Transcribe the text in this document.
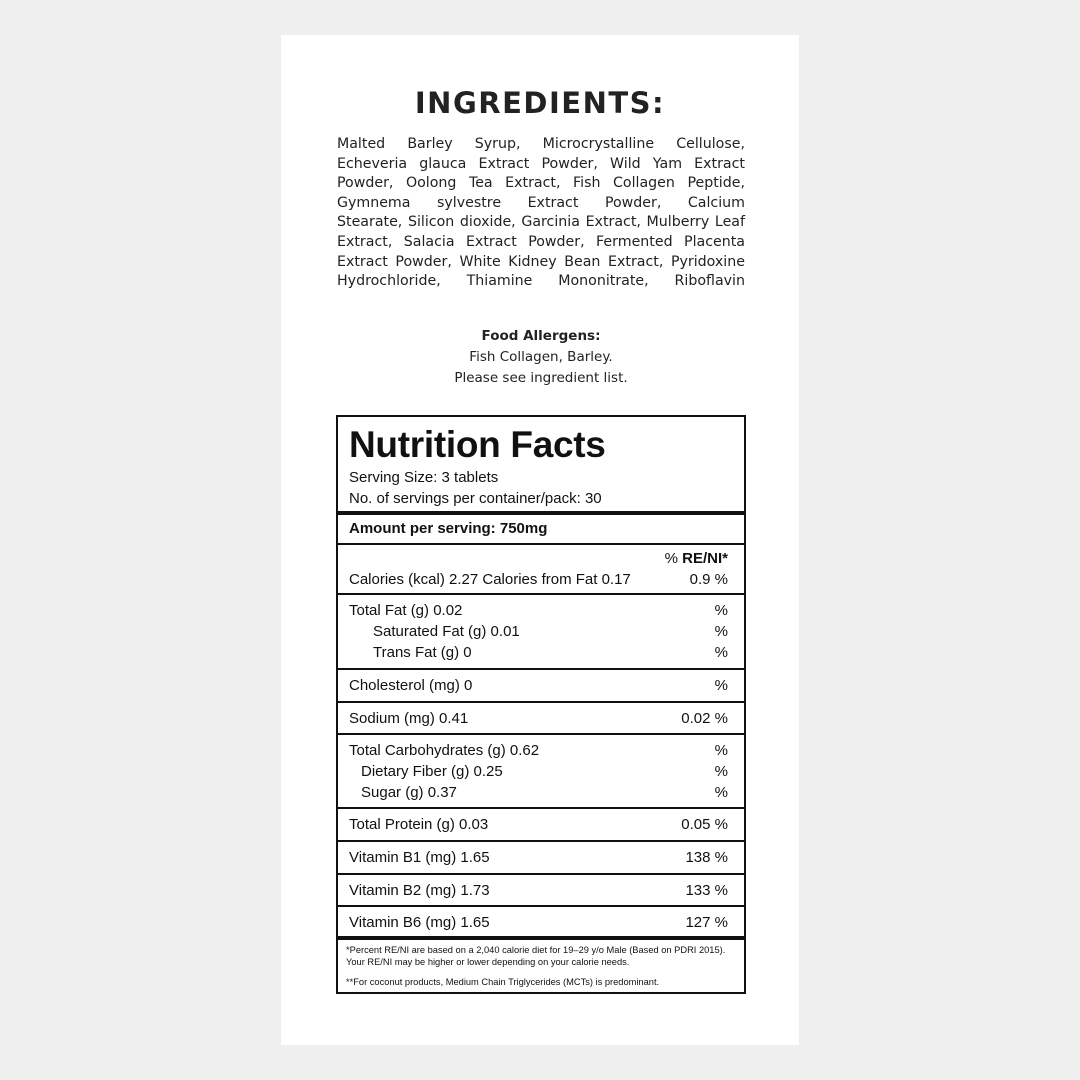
INGREDIENTS:
Malted Barley Syrup, Microcrystalline Cellulose,
Echeveria glauca Extract Powder, Wild Yam Extract
Powder, Oolong Tea Extract, Fish Collagen Peptide,
Gymnema sylvestre Extract Powder, Calcium
Stearate, Silicon dioxide, Garcinia Extract, Mulberry Leaf
Extract, Salacia Extract Powder, Fermented Placenta
Extract Powder, White Kidney Bean Extract, Pyridoxine
Hydrochloride, Thiamine Mononitrate, Riboflavin
Food Allergens:
Fish Collagen, Barley.
Please see ingredient list.
Nutrition Facts
Serving Size: 3 tablets
No. of servings per container/pack: 30
Amount per serving: 750mg
% RE/NI*
Calories (kcal) 2.27 Calories from Fat 0.17	0.9 %
Total Fat (g) 0.02	%
Saturated Fat (g) 0.01	%
Trans Fat (g) 0	%
Cholesterol (mg) 0	%
Sodium (mg) 0.41	0.02 %
Total Carbohydrates (g) 0.62	%
Dietary Fiber (g) 0.25	%
Sugar (g) 0.37	%
Total Protein (g) 0.03	0.05 %
Vitamin B1 (mg) 1.65	138 %
Vitamin B2 (mg) 1.73	133 %
Vitamin B6 (mg) 1.65	127 %

*Percent RE/NI are based on a 2,040 calorie diet for 19–29 y/o Male (Based on PDRI 2015).

Your RE/NI may be higher or lower depending on your calorie needs.

**For coconut products, Medium Chain Triglycerides (MCTs) is predominant.
